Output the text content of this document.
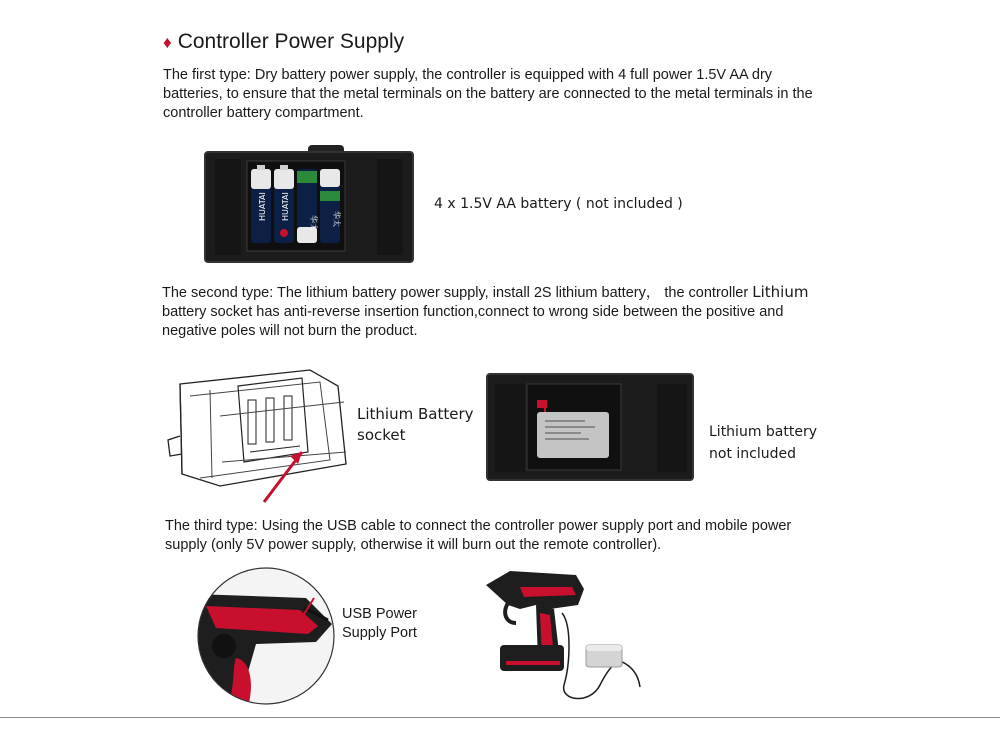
♦ Controller Power Supply
The first type: Dry battery power supply, the controller is equipped with 4 full power 1.5V AA dry
batteries, to ensure that the metal terminals on the battery are connected to the metal terminals in the
controller battery compartment.
HUATAI HUATAI
华太 华太
4 x 1.5V AA battery ( not included )
The second type: The lithium battery power supply, install 2S lithium battery， the controller Lithium
battery socket has anti-reverse insertion function,connect to wrong side between the positive and
negative poles will not burn the product.
Lithium Battery
socket	Lithium battery
not included
The third type: Using the USB cable to connect the controller power supply port and mobile power
supply (only 5V power supply, otherwise it will burn out the remote controller).
USB Power
Supply Port
